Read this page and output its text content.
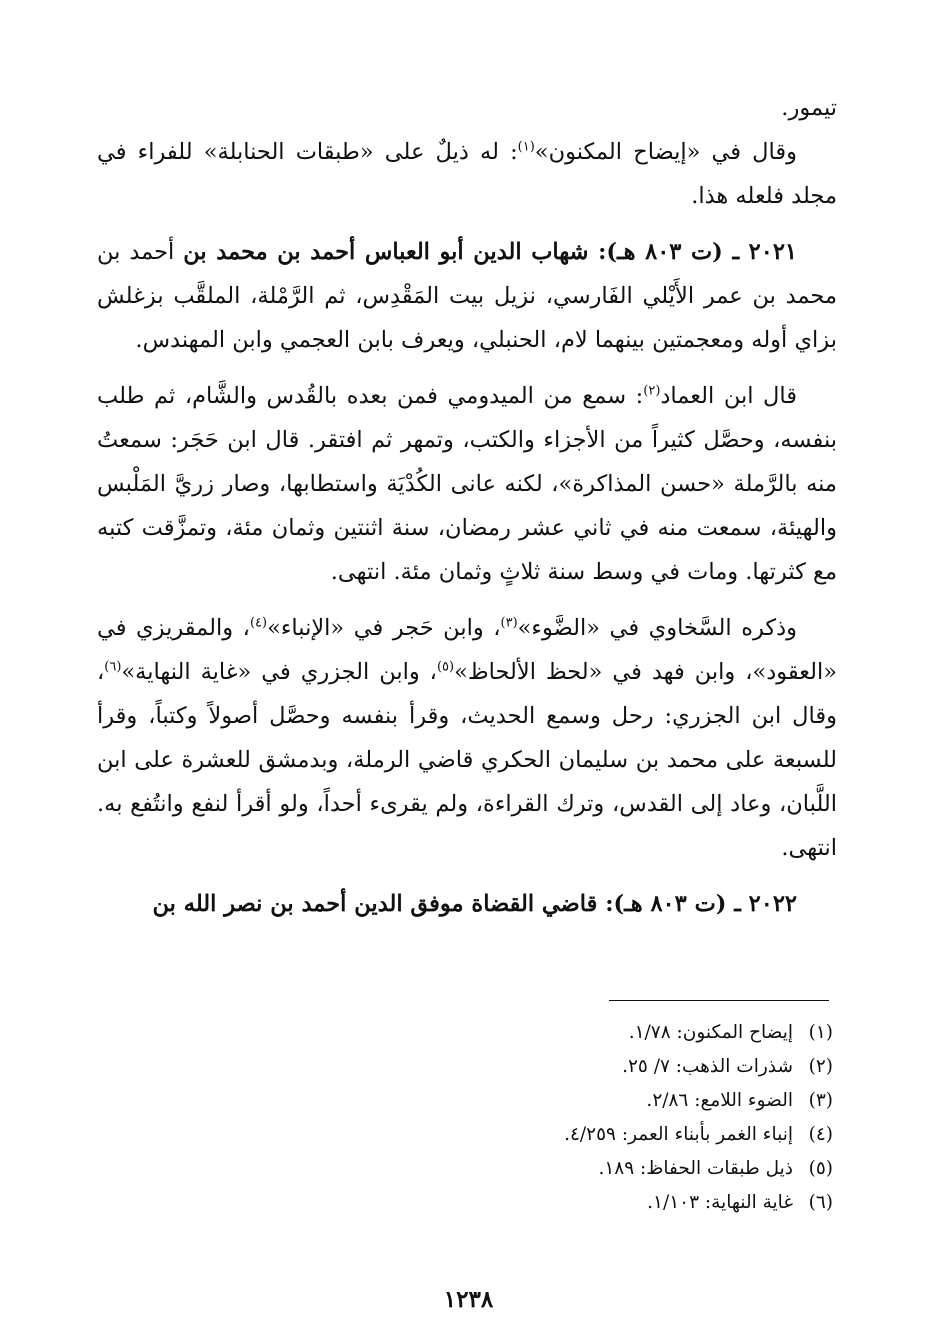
تيمور.

وقال في «إيضاح المكنون»$^{(١)}$: له ذيلٌ على «طبقات الحنابلة» للفراء في مجلد فلعله هذا.

٢٠٢١ ـ (ت ٨٠٣ هـ): شهاب الدين أبو العباس أحمد بن محمد بن أحمد بن محمد بن عمر الأَيْلي الفَارسي، نزيل بيت المَقْدِس، ثم الرَّمْلة، الملقَّب بزغلش بزاي أوله ومعجمتين بينهما لام، الحنبلي، ويعرف بابن العجمي وابن المهندس.

قال ابن العماد$^{(٢)}$: سمع من الميدومي فمن بعده بالقُدس والشَّام، ثم طلب بنفسه، وحصَّل كثيراً من الأجزاء والكتب، وتمهر ثم افتقر. قال ابن حَجَر: سمعتُ منه بالرَّملة «حسن المذاكرة»، لكنه عانى الكُدْيَة واستطابها، وصار زريَّ المَلْبس والهيئة، سمعت منه في ثاني عشر رمضان، سنة اثنتين وثمان مئة، وتمزَّقت كتبه مع كثرتها. ومات في وسط سنة ثلاثٍ وثمان مئة. انتهى.

وذكره السَّخاوي في «الضَّوء»$^{(٣)}$، وابن حَجر في «الإنباء»$^{(٤)}$، والمقريزي في «العقود»، وابن فهد في «لحظ الألحاظ»$^{(٥)}$، وابن الجزري في «غاية النهاية»$^{(٦)}$، وقال ابن الجزري: رحل وسمع الحديث، وقرأ بنفسه وحصَّل أصولاً وكتباً، وقرأ للسبعة على محمد بن سليمان الحكري قاضي الرملة، وبدمشق للعشرة على ابن اللَّبان، وعاد إلى القدس، وترك القراءة، ولم يقرىء أحداً، ولو أقرأ لنفع وانتُفع به. انتهى.

٢٠٢٢ ـ (ت ٨٠٣ هـ): قاضي القضاة موفق الدين أحمد بن نصر الله بن

(١)إيضاح المكنون: ١/٧٨.
(٢)شذرات الذهب: ٧/ ٢٥.
(٣)الضوء اللامع: ٢/٨٦.
(٤)إنباء الغمر بأبناء العمر: ٤/٢٥٩.
(٥)ذيل طبقات الحفاظ: ١٨٩.
(٦)غاية النهاية: ١/١٠٣.
١٢٣٨
